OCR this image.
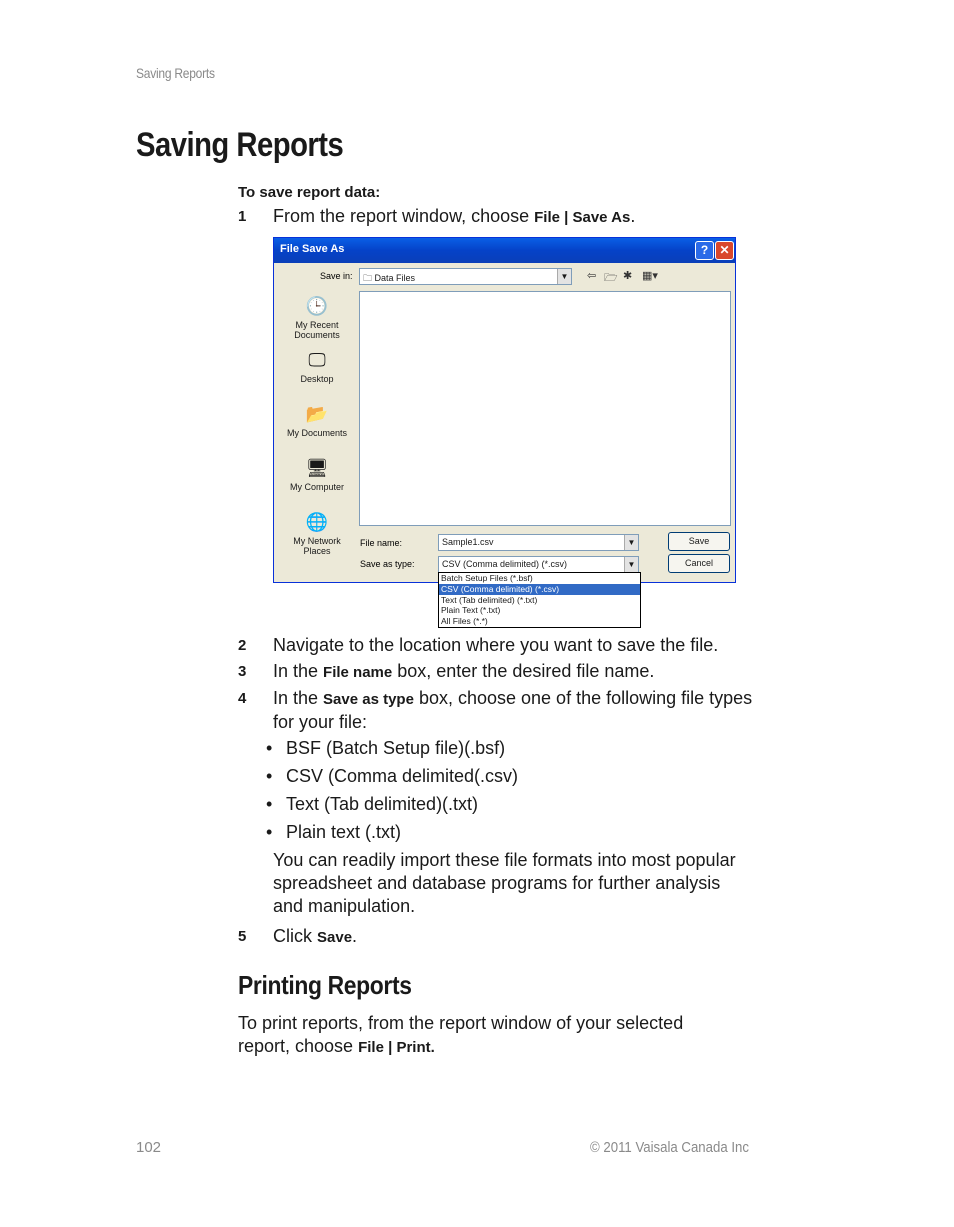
Saving Reports
Saving Reports
To save report data:
1 From the report window, choose File | Save As.
File Save As	? ✕
Save in: 🗀 Data Files	▼ ⇦ 🗁 ✱ ▦▾
🕒
My Recent Documents
🖵
Desktop
📂
My Documents
🖥
My Computer
🌐
My Network Places
File name:	Sample1.csv	▼
Save as type:	CSV (Comma delimited) (*.csv)	▼
Save
Cancel
Batch Setup Files (*.bsf)
CSV (Comma delimited) (*.csv)
Text (Tab delimited) (*.txt)
Plain Text (*.txt)
All Files (*.*)
2 Navigate to the location where you want to save the file.
3 In the File name box, enter the desired file name.
4 In the Save as type box, choose one of the following file types for your file:
• BSF (Batch Setup file)(.bsf)
• CSV (Comma delimited(.csv)
• Text (Tab delimited)(.txt)
• Plain text (.txt)
You can readily import these file formats into most popular spreadsheet and database programs for further analysis and manipulation.
5 Click Save.
Printing Reports
To print reports, from the report window of your selected report, choose File | Print.
102	© 2011 Vaisala Canada Inc
